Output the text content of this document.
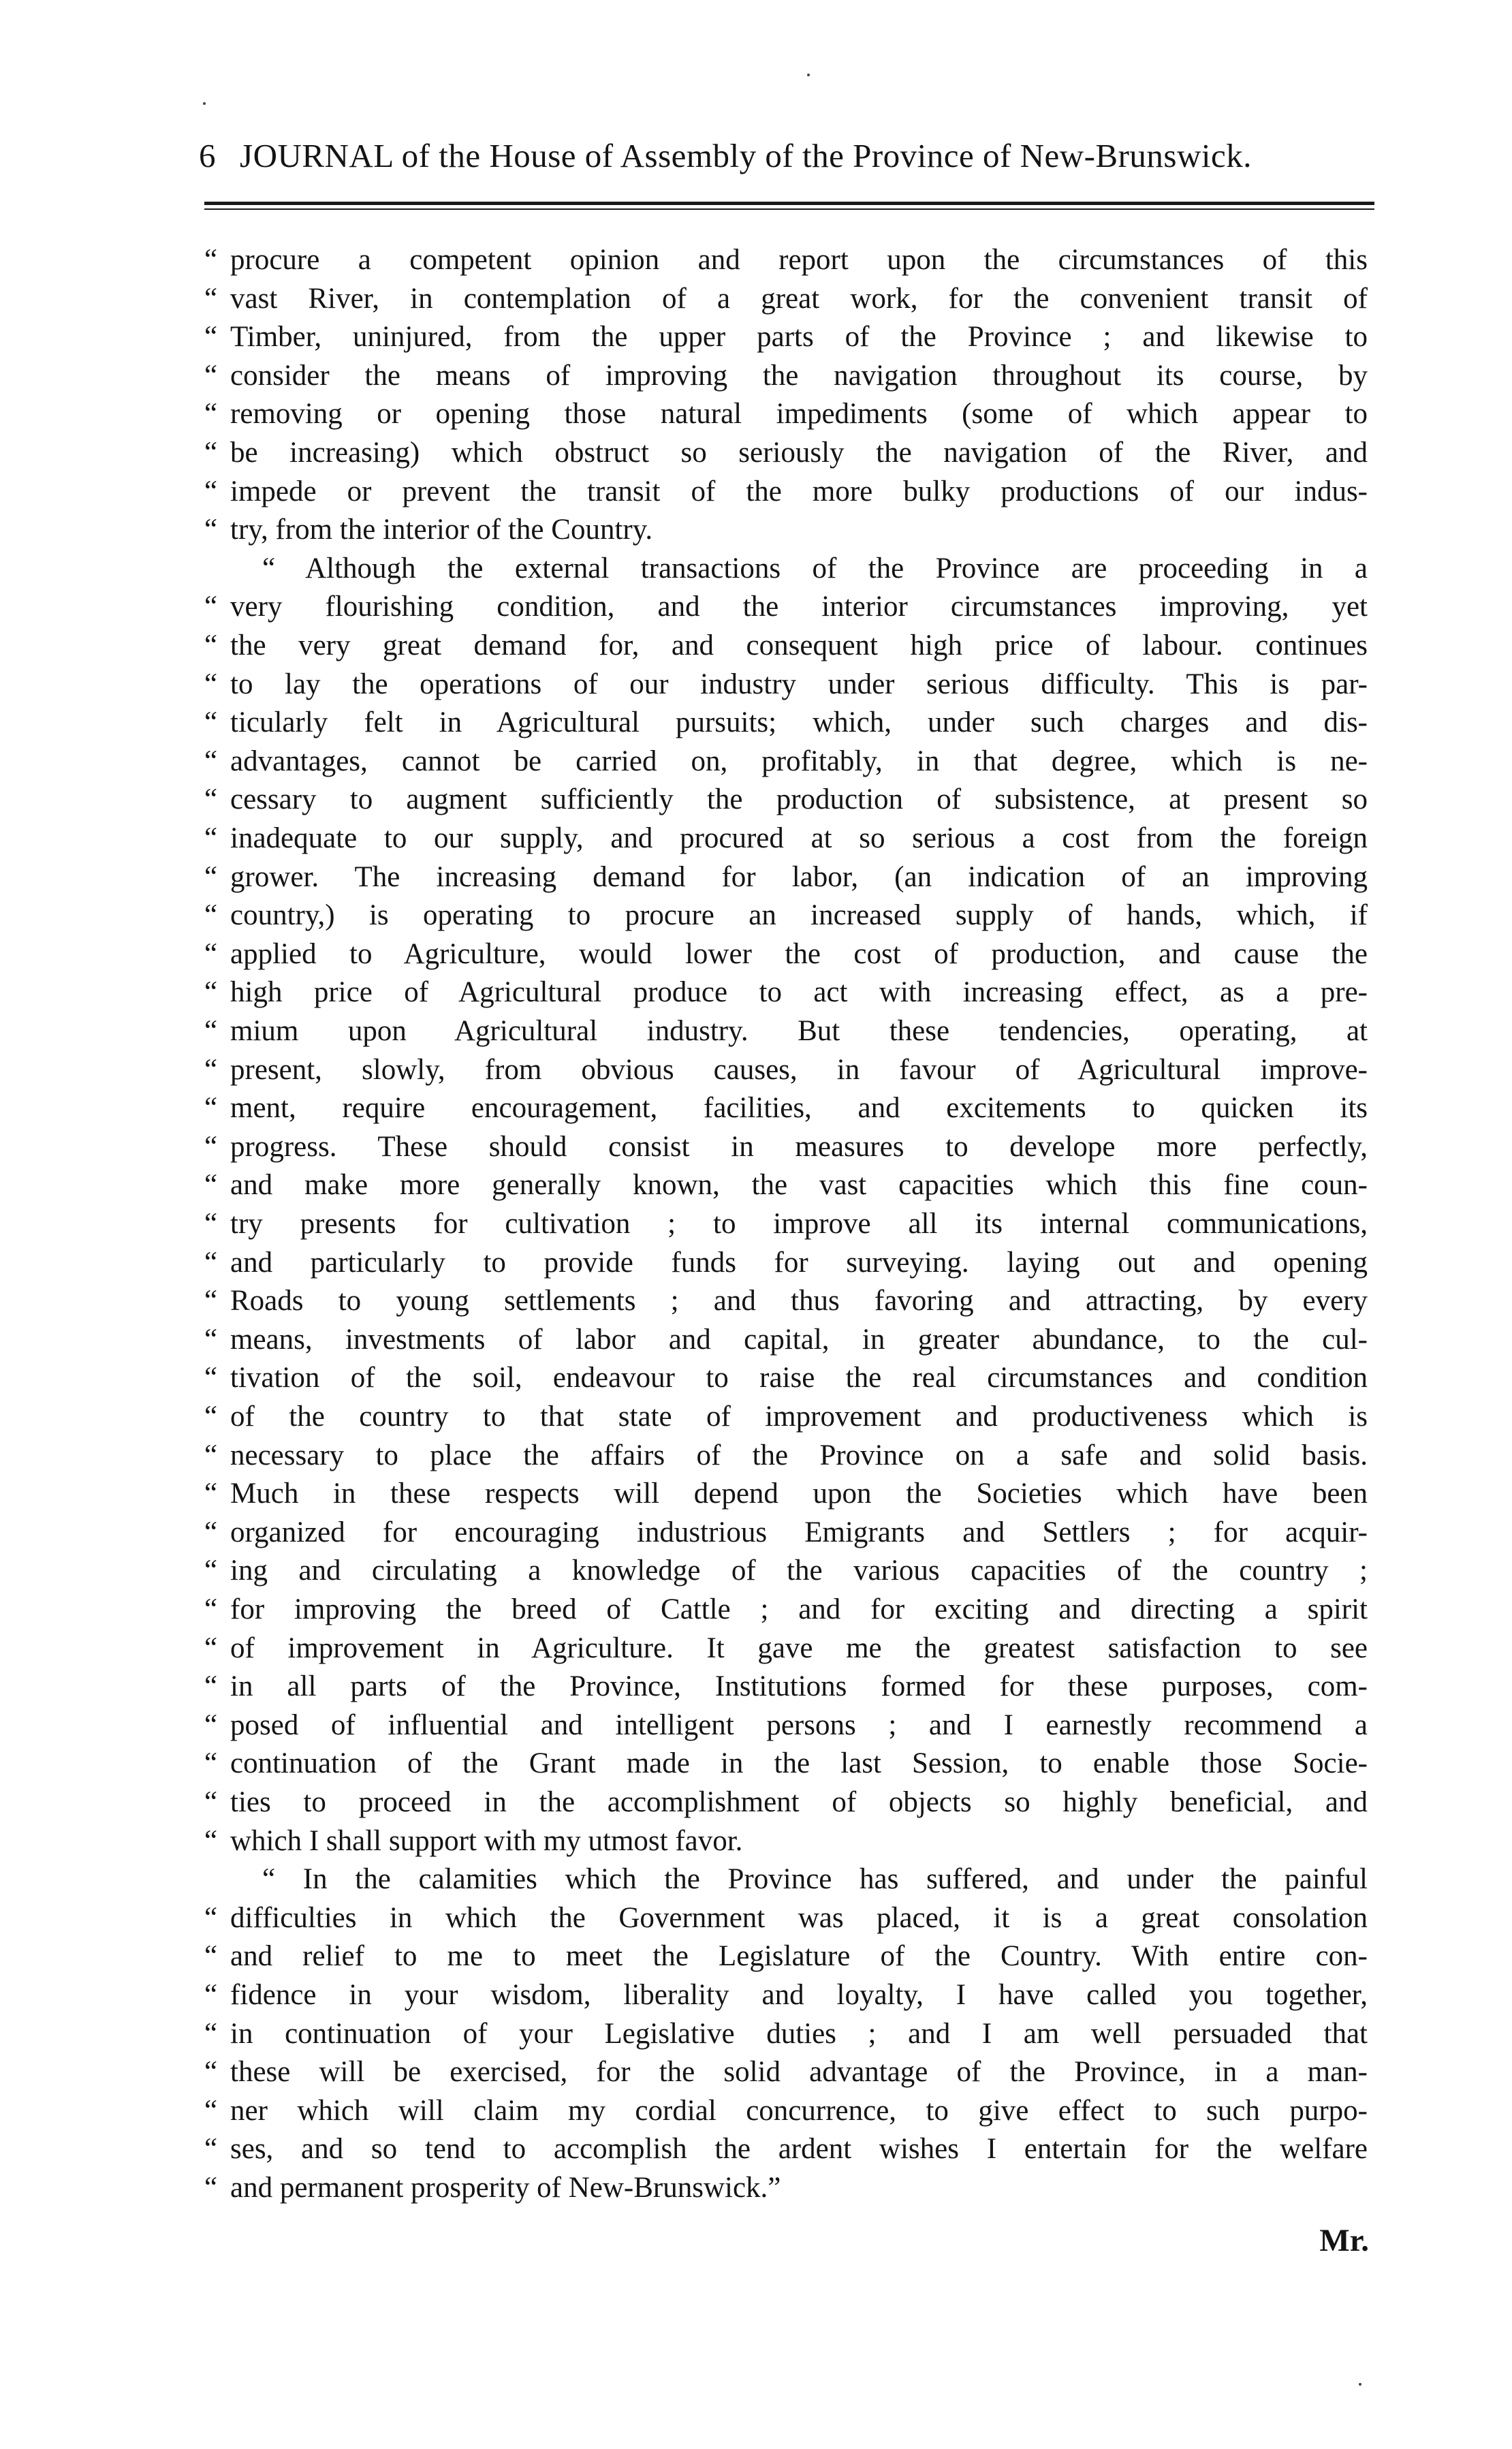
6 JOURNAL of the House of Assembly of the Province of New-Brunswick.
“ procure a competent opinion and report upon the circumstances of this
“ vast River, in contemplation of a great work, for the convenient transit of
“ Timber, uninjured, from the upper parts of the Province ; and likewise to
“ consider the means of improving the navigation throughout its course, by
“ removing or opening those natural impediments (some of which appear to
“ be increasing) which obstruct so seriously the navigation of the River, and
“ impede or prevent the transit of the more bulky productions of our indus-
“ try, from the interior of the Country.
“ Although the external transactions of the Province are proceeding in a
“ very flourishing condition, and the interior circumstances improving, yet
“ the very great demand for, and consequent high price of labour. continues
“ to lay the operations of our industry under serious difficulty. This is par-
“ ticularly felt in Agricultural pursuits; which, under such charges and dis-
“ advantages, cannot be carried on, profitably, in that degree, which is ne-
“ cessary to augment sufficiently the production of subsistence, at present so
“ inadequate to our supply, and procured at so serious a cost from the foreign
“ grower. The increasing demand for labor, (an indication of an improving
“ country,) is operating to procure an increased supply of hands, which, if
“ applied to Agriculture, would lower the cost of production, and cause the
“ high price of Agricultural produce to act with increasing effect, as a pre-
“ mium upon Agricultural industry. But these tendencies, operating, at
“ present, slowly, from obvious causes, in favour of Agricultural improve-
“ ment, require encouragement, facilities, and excitements to quicken its
“ progress. These should consist in measures to develope more perfectly,
“ and make more generally known, the vast capacities which this fine coun-
“ try presents for cultivation ; to improve all its internal communications,
“ and particularly to provide funds for surveying. laying out and opening
“ Roads to young settlements ; and thus favoring and attracting, by every
“ means, investments of labor and capital, in greater abundance, to the cul-
“ tivation of the soil, endeavour to raise the real circumstances and condition
“ of the country to that state of improvement and productiveness which is
“ necessary to place the affairs of the Province on a safe and solid basis.
“ Much in these respects will depend upon the Societies which have been
“ organized for encouraging industrious Emigrants and Settlers ; for acquir-
“ ing and circulating a knowledge of the various capacities of the country ;
“ for improving the breed of Cattle ; and for exciting and directing a spirit
“ of improvement in Agriculture. It gave me the greatest satisfaction to see
“ in all parts of the Province, Institutions formed for these purposes, com-
“ posed of influential and intelligent persons ; and I earnestly recommend a
“ continuation of the Grant made in the last Session, to enable those Socie-
“ ties to proceed in the accomplishment of objects so highly beneficial, and
“ which I shall support with my utmost favor.
“ In the calamities which the Province has suffered, and under the painful
“ difficulties in which the Government was placed, it is a great consolation
“ and relief to me to meet the Legislature of the Country. With entire con-
“ fidence in your wisdom, liberality and loyalty, I have called you together,
“ in continuation of your Legislative duties ; and I am well persuaded that
“ these will be exercised, for the solid advantage of the Province, in a man-
“ ner which will claim my cordial concurrence, to give effect to such purpo-
“ ses, and so tend to accomplish the ardent wishes I entertain for the welfare
“ and permanent prosperity of New-Brunswick.”
Mr.
